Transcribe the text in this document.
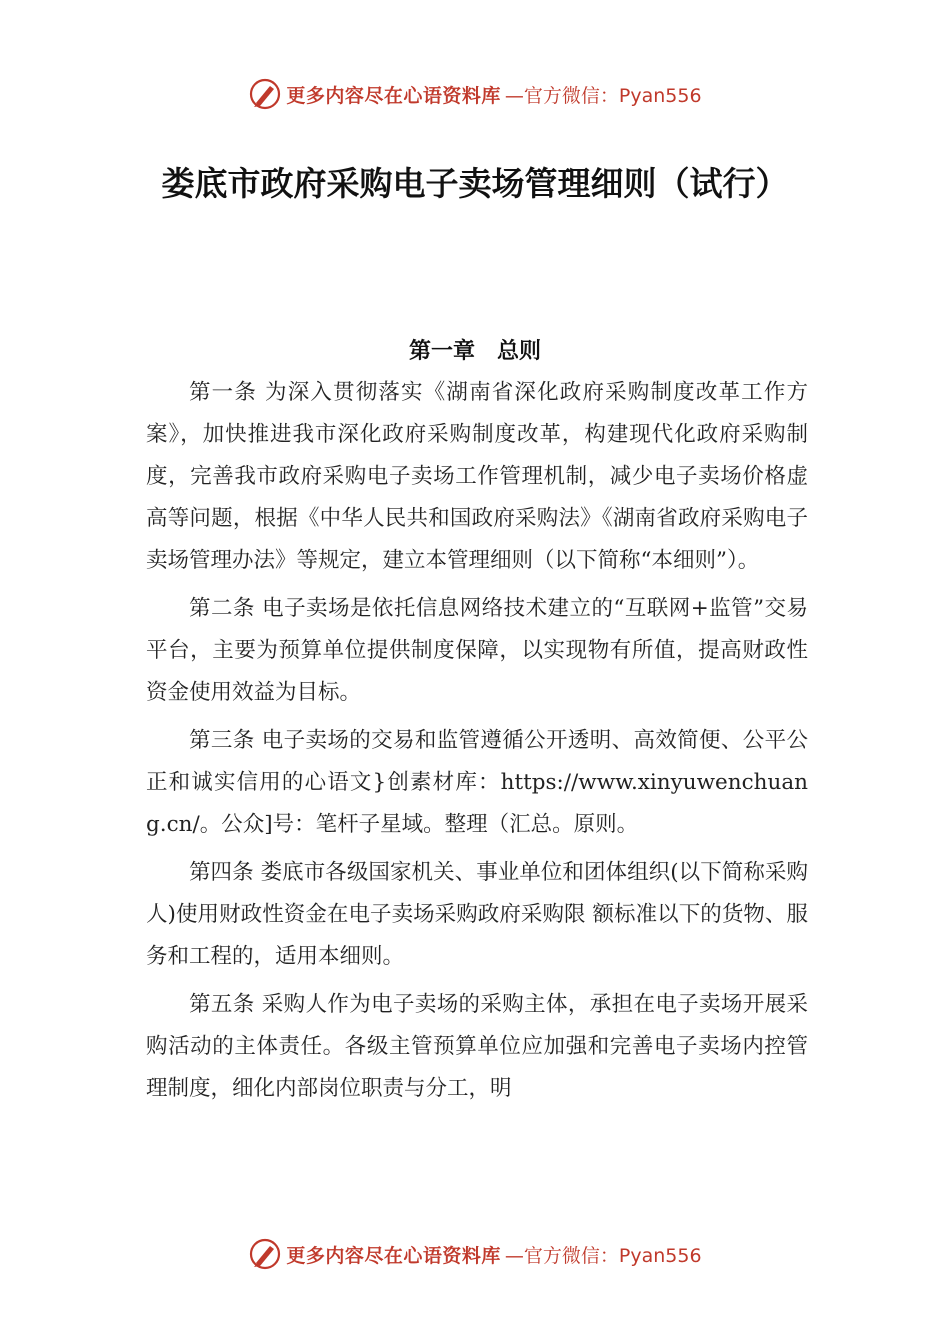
更多内容尽在心语资料库 —官方微信：Pyan556
娄底市政府采购电子卖场管理细则（试行）
第一章　总则

第一条 为深入贯彻落实《湖南省深化政府采购制度改革工作方案》，加快推进我市深化政府采购制度改革，构建现代化政府采购制度，完善我市政府采购电子卖场工作管理机制，减少电子卖场价格虚高等问题，根据《中华人民共和国政府采购法》《湖南省政府采购电子卖场管理办法》等规定，建立本管理细则（以下简称“本细则”）。

第二条 电子卖场是依托信息网络技术建立的“互联网+监管”交易平台，主要为预算单位提供制度保障，以实现物有所值，提高财政性资金使用效益为目标。

第三条 电子卖场的交易和监管遵循公开透明、高效简便、公平公正和诚实信用的心语文}创素材库：https://www.xinyuwenchuang.cn/。公众]号：笔杆子星域。整理（汇总。原则。

第四条 娄底市各级国家机关、事业单位和团体组织(以下简称采购人)使用财政性资金在电子卖场采购政府采购限 额标准以下的货物、服务和工程的，适用本细则。

第五条 采购人作为电子卖场的采购主体，承担在电子卖场开展采购活动的主体责任。各级主管预算单位应加强和完善电子卖场内控管理制度，细化内部岗位职责与分工，明

更多内容尽在心语资料库 —官方微信：Pyan556
